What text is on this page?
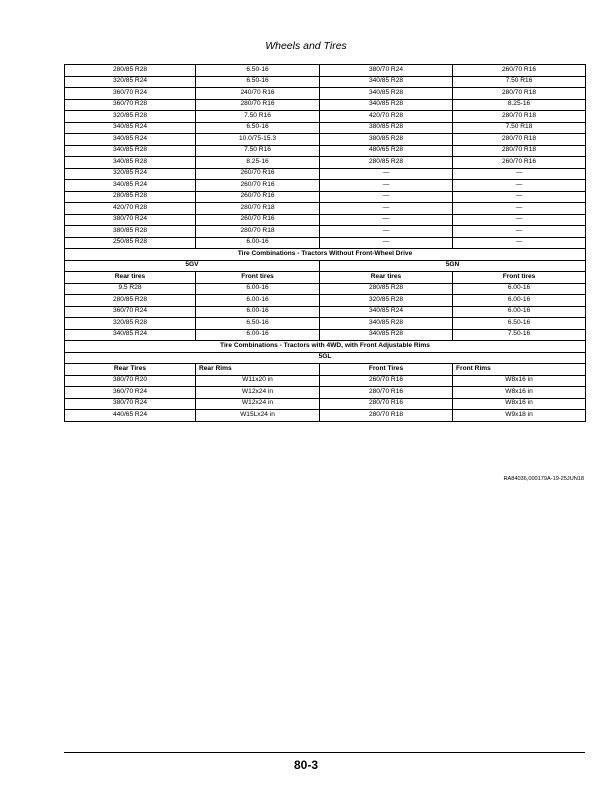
Wheels and Tires
280/85 R28	6.50-16	380/70 R24	260/70 R16
320/85 R24	6.50-16	340/85 R28	7.50 R16
360/70 R24	240/70 R16	340/85 R28	280/70 R18
360/70 R28	280/70 R16	340/85 R28	8.25-16
320/85 R28	7.50 R16	420/70 R28	280/70 R18
340/85 R24	6.50-16	380/85 R28	7.50 R18
340/85 R24	10.0/75-15.3	380/85 R28	280/70 R18
340/85 R28	7.50 R16	480/65 R28	280/70 R18
340/85 R28	8.25-16	280/85 R28	260/70 R16
320/85 R24	260/70 R16	—	—
340/85 R24	260/70 R16	—	—
280/85 R28	260/70 R16	—	—
420/70 R28	280/70 R18	—	—
380/70 R24	260/70 R16	—	—
380/85 R28	280/70 R18	—	—
250/85 R28	6.00-16	—	—
Tire Combinations - Tractors Without Front-Wheel Drive			
5GV		5GN	
Rear tires	Front tires	Rear tires	Front tires
9.5 R28	6.00-16	280/85 R28	6.00-16
280/85 R28	6.00-16	320/85 R28	6.00-16
360/70 R24	6.00-16	340/85 R24	6.00-16
320/85 R28	6.50-16	340/85 R28	6.50-16
340/85 R24	6.00-16	340/85 R28	7.50-16
Tire Combinations - Tractors with 4WD, with Front Adjustable Rims			
5GL			
Rear Tires	Rear Rims	Front Tires	Front Rims
380/70 R20	W11x20 in	260/70 R16	W8x16 in
360/70 R24	W12x24 in	280/70 R16	W8x16 in
380/70 R24	W12x24 in	280/70 R16	W8x16 in
440/65 R24	W15Lx24 in	280/70 R18	W9x18 in
RA84036,000179A-19-25JUN18
80-3
